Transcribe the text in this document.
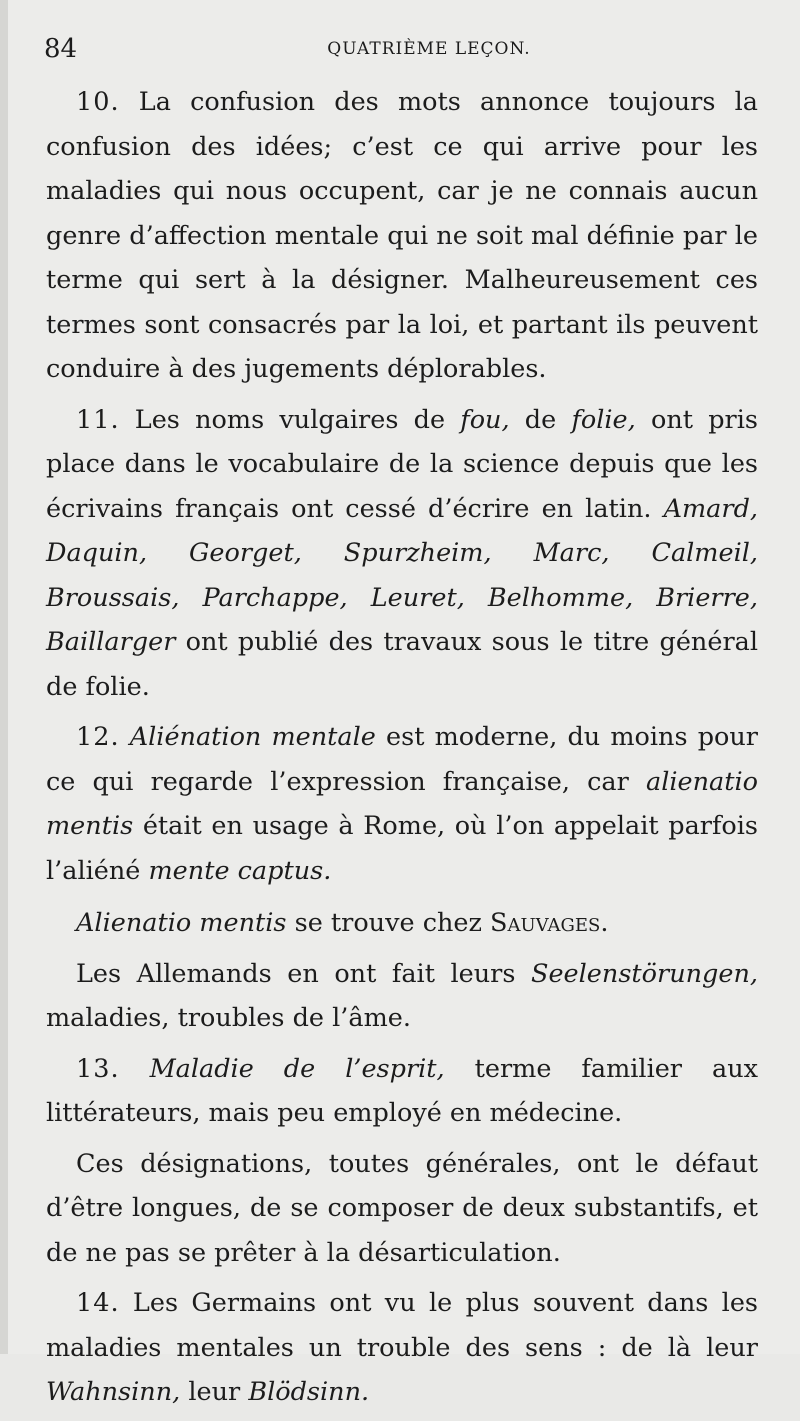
84	QUATRIÈME LEÇON.

10. La confusion des mots annonce toujours la confusion des idées; c’est ce qui arrive pour les maladies qui nous occupent, car je ne connais aucun genre d’affection mentale qui ne soit mal définie par le terme qui sert à la désigner. Malheureusement ces termes sont consacrés par la loi, et partant ils peuvent conduire à des jugements déplorables.

11. Les noms vulgaires de fou, de folie, ont pris place dans le vocabulaire de la science depuis que les écrivains français ont cessé d’écrire en latin. Amard, Daquin, Georget, Spurzheim, Marc, Calmeil, Broussais, Parchappe, Leuret, Belhomme, Brierre, Baillarger ont publié des travaux sous le titre général de folie.

12. Aliénation mentale est moderne, du moins pour ce qui regarde l’expression française, car alienatio mentis était en usage à Rome, où l’on appelait parfois l’aliéné mente captus.

Alienatio mentis se trouve chez Sauvages.

Les Allemands en ont fait leurs Seelenstörungen, maladies, troubles de l’âme.

13. Maladie de l’esprit, terme familier aux littérateurs, mais peu employé en médecine.

Ces désignations, toutes générales, ont le défaut d’être longues, de se composer de deux substantifs, et de ne pas se prêter à la désarticulation.

14. Les Germains ont vu le plus souvent dans les maladies mentales un trouble des sens : de là leur Wahnsinn, leur Blödsinn.
